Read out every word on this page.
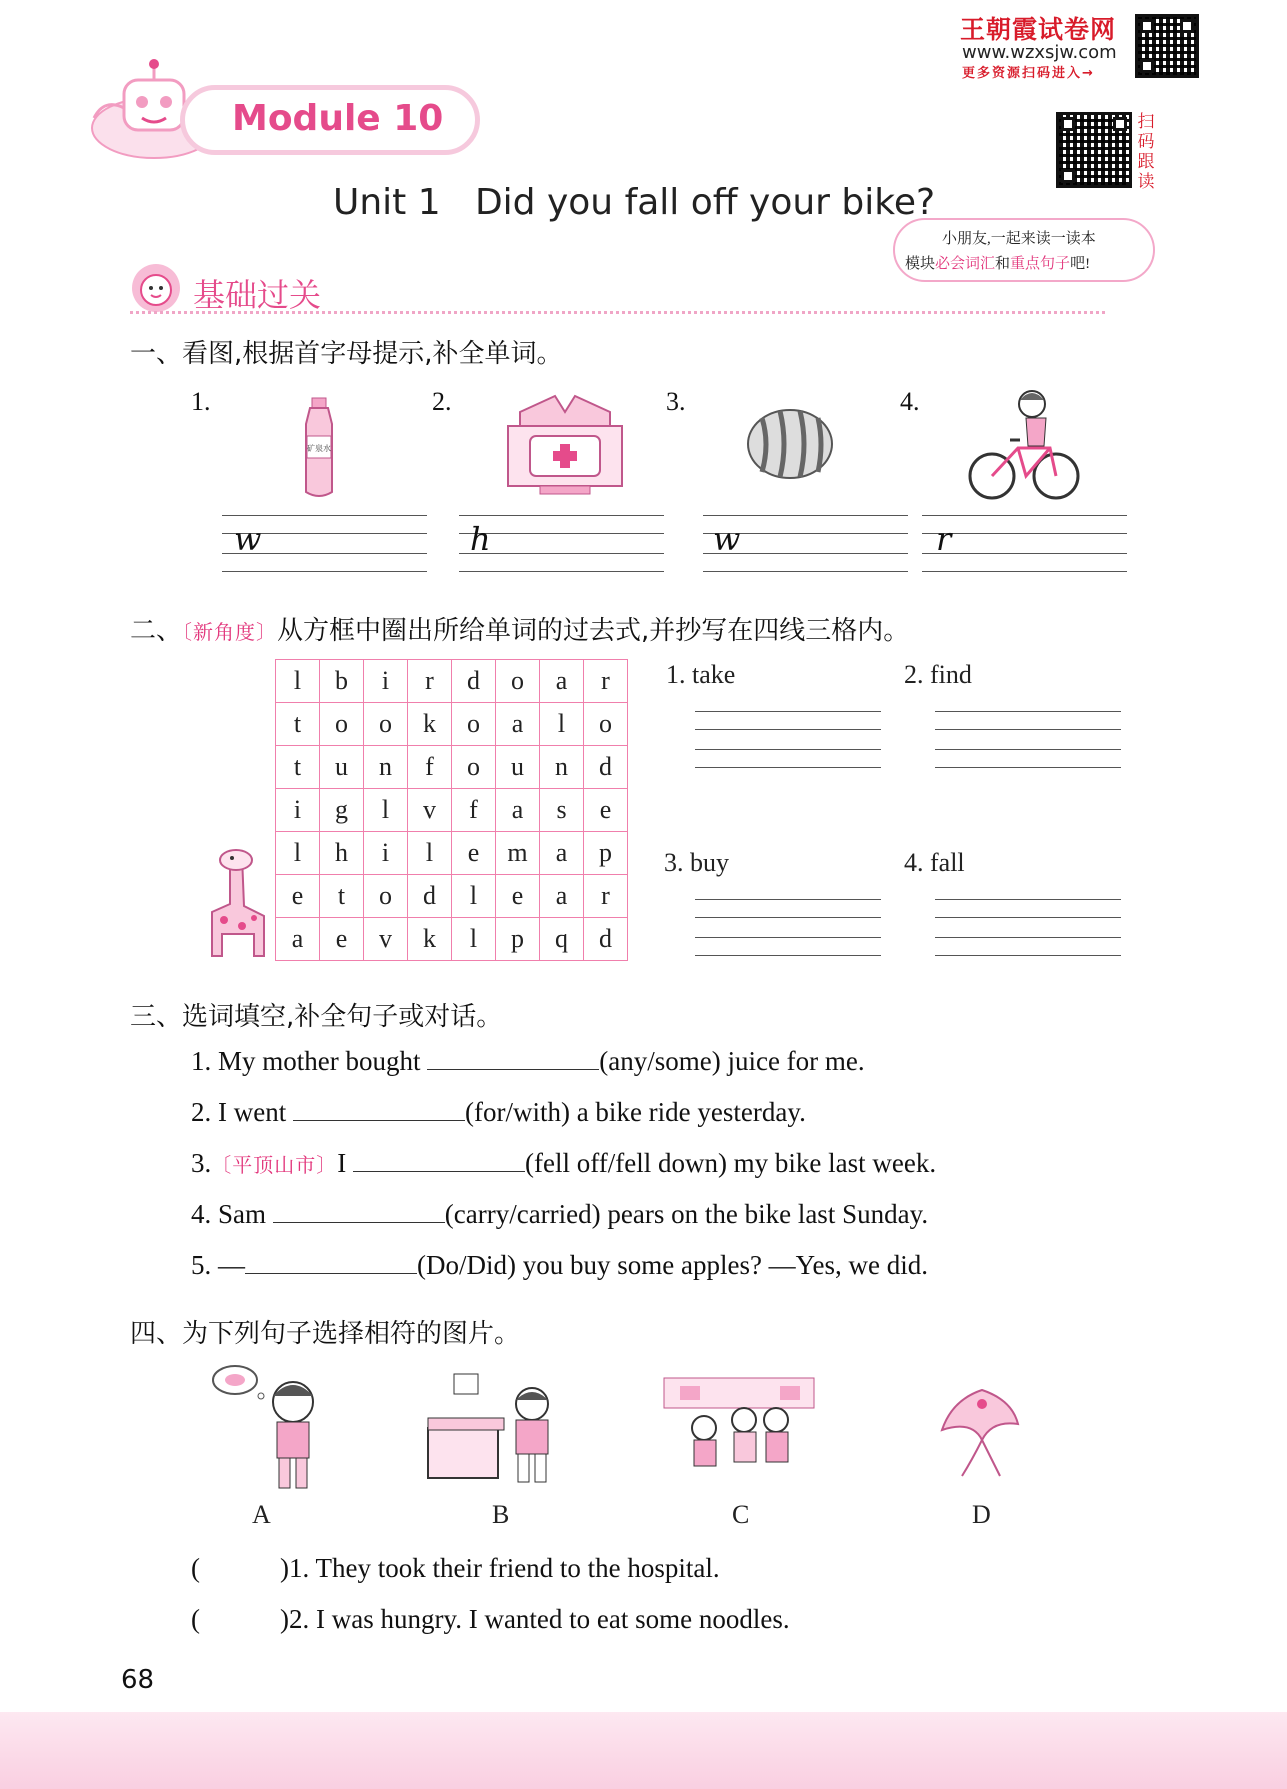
王朝霞试卷网
www.wzxsjw.com
更多资源扫码进入→
扫码跟读
Module 10
Unit 1   Did you fall off your bike?
小朋友,一起来读一读本
模块必会词汇和重点句子吧!
基础过关
一、看图,根据首字母提示,补全单词。
1.	2.	3.	4.
矿泉水
w	h	w	r
二、〔新角度〕从方框中圈出所给单词的过去式,并抄写在四线三格内。
l	b	i	r	d	o	a	r
t	o	o	k	o	a	l	o
t	u	n	f	o	u	n	d
i	g	l	v	f	a	s	e
l	h	i	l	e	m	a	p
e	t	o	d	l	e	a	r
a	e	v	k	l	p	q	d
1. take	2. find
3. buy	4. fall
三、选词填空,补全句子或对话。
1. My mother bought	(any/some) juice for me.
2. I went	(for/with) a bike ride yesterday.
3.〔平顶山市〕I	(fell off/fell down) my bike last week.
4. Sam	(carry/carried) pears on the bike last Sunday.
5. —	(Do/Did) you buy some apples? —Yes, we did.
四、为下列句子选择相符的图片。
A	B	C	D
(	)1. They took their friend to the hospital.
(	)2. I was hungry. I wanted to eat some noodles.
68
